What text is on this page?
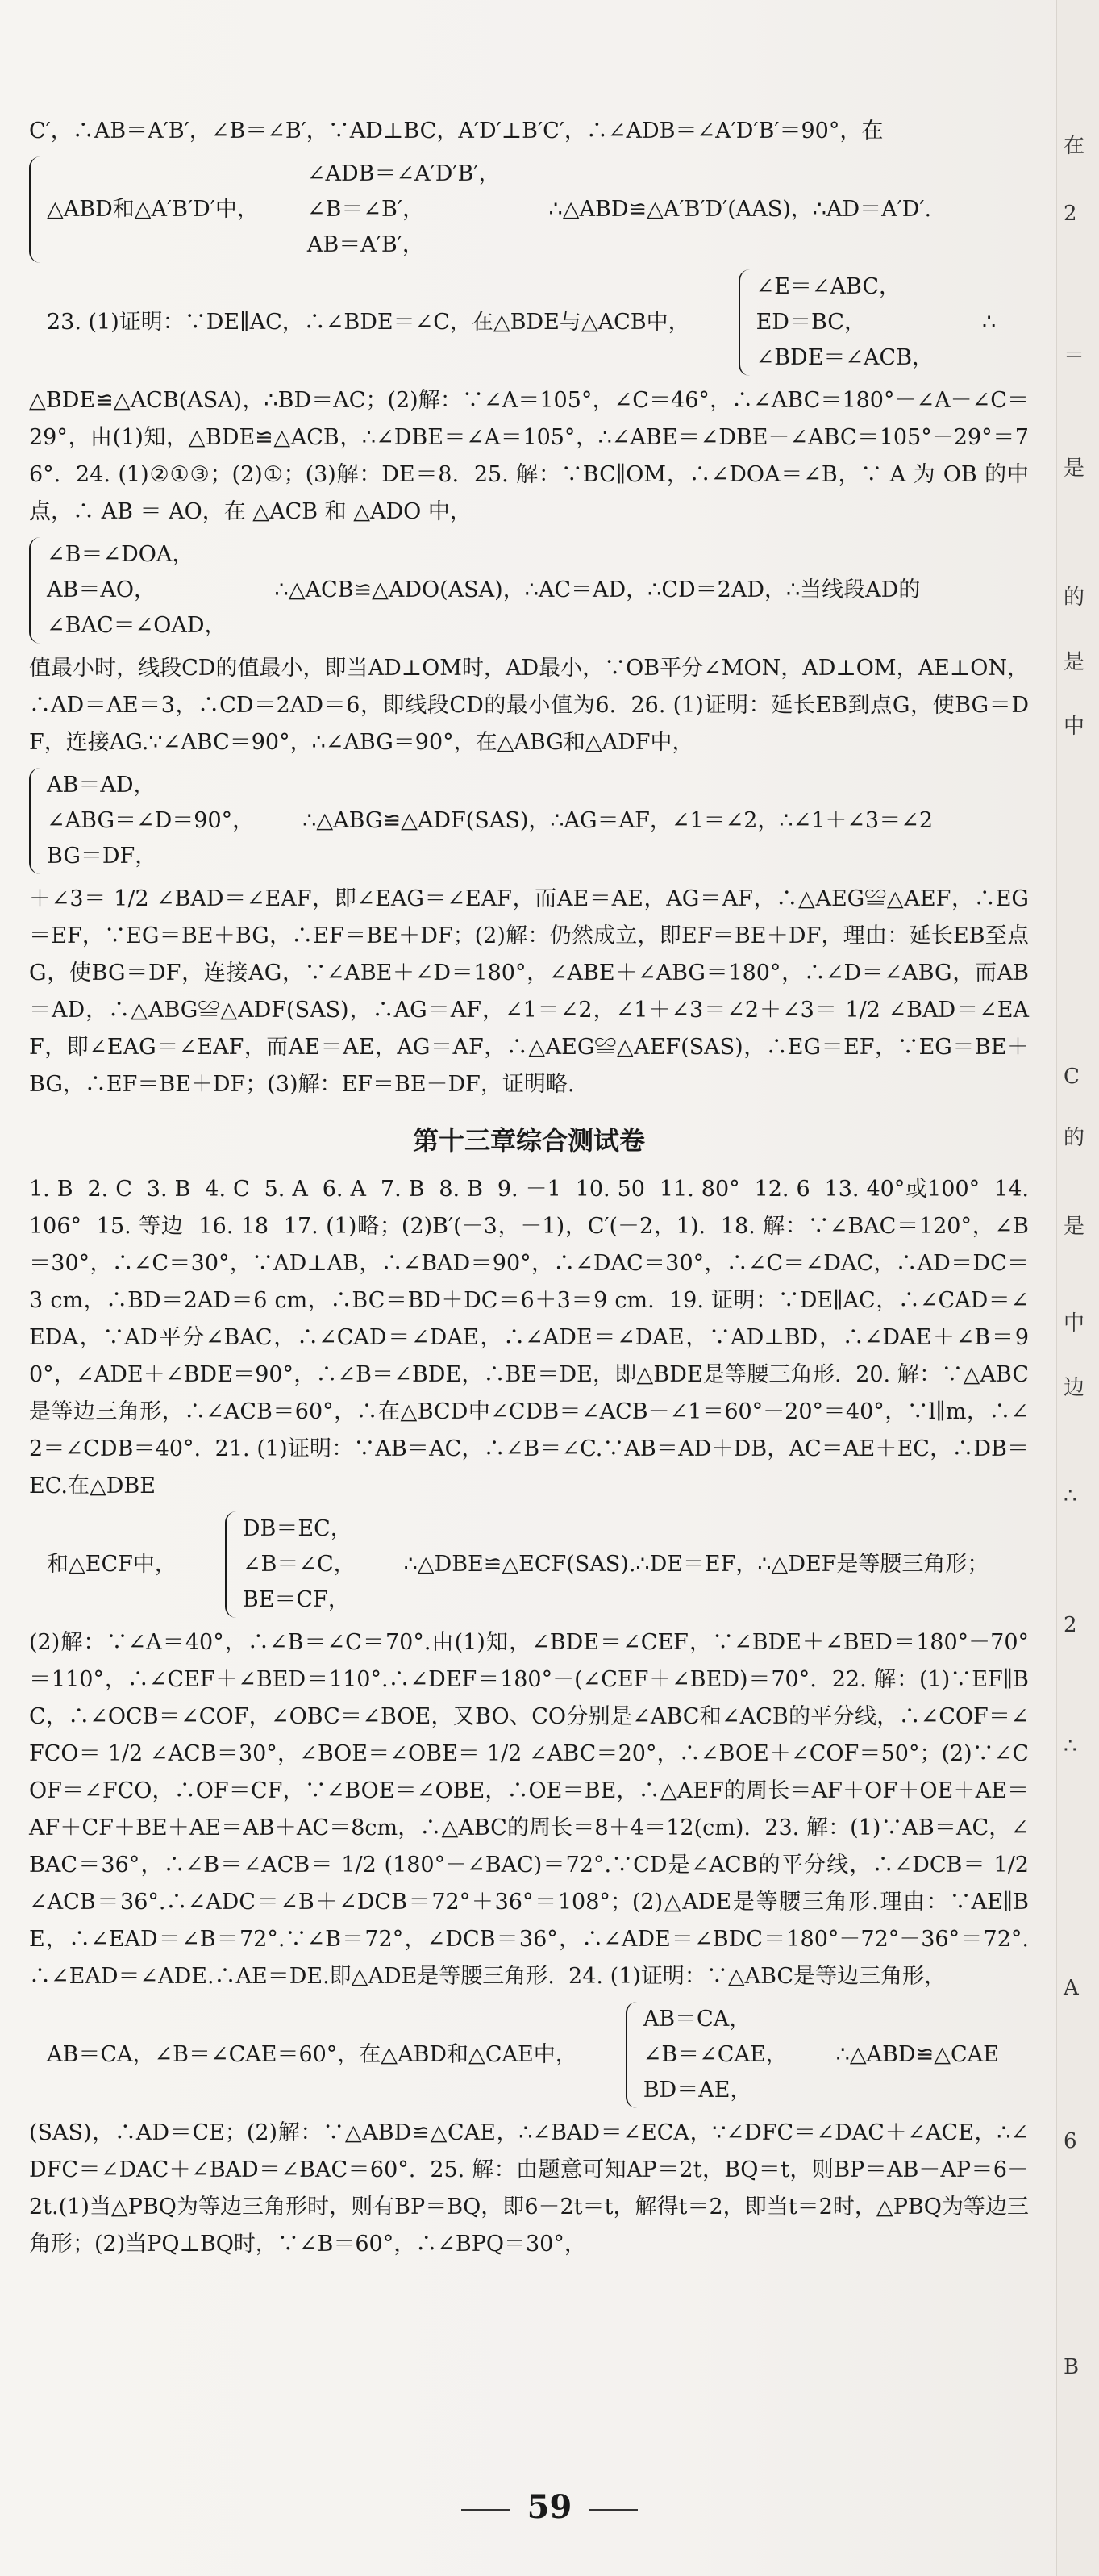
C′，∴AB＝A′B′，∠B＝∠B′，∵AD⊥BC，A′D′⊥B′C′，∴∠ADB＝∠A′D′B′＝90°，在

△ABD和△A′B′D′中，
∠ADB＝∠A′D′B′，
∠B＝∠B′，
AB＝A′B′，
∴△ABD≌△A′B′D′(AAS)，∴AD＝A′D′.
23. (1)证明：∵DE∥AC，∴∠BDE＝∠C，在△BDE与△ACB中，
∠E＝∠ABC，
ED＝BC，
∠BDE＝∠ACB，
∴

△BDE≌△ACB(ASA)，∴BD＝AC；(2)解：∵∠A＝105°，∠C＝46°，∴∠ABC＝180°－∠A－∠C＝29°，由(1)知，△BDE≌△ACB，∴∠DBE＝∠A＝105°，∴∠ABE＝∠DBE－∠ABC＝105°－29°＝76°.  24. (1)②①③；(2)①；(3)解：DE＝8.  25. 解：∵BC∥OM，∴∠DOA＝∠B，∵ A 为 OB 的中点，∴ AB ＝ AO，在 △ACB 和 △ADO 中，

∠B＝∠DOA，
AB＝AO，
∠BAC＝∠OAD，
∴△ACB≌△ADO(ASA)，∴AC＝AD，∴CD＝2AD，∴当线段AD的

值最小时，线段CD的值最小，即当AD⊥OM时，AD最小，∵OB平分∠MON，AD⊥OM，AE⊥ON，∴AD＝AE＝3，∴CD＝2AD＝6，即线段CD的最小值为6.  26. (1)证明：延长EB到点G，使BG＝DF，连接AG.∵∠ABC＝90°，∴∠ABG＝90°，在△ABG和△ADF中，

AB＝AD，
∠ABG＝∠D＝90°，
BG＝DF，
∴△ABG≌△ADF(SAS)，∴AG＝AF，∠1＝∠2，∴∠1＋∠3＝∠2

＋∠3＝ 1/2 ∠BAD＝∠EAF，即∠EAG＝∠EAF，而AE＝AE，AG＝AF，∴△AEG≌△AEF，∴EG＝EF，∵EG＝BE＋BG，∴EF＝BE＋DF；(2)解：仍然成立，即EF＝BE＋DF，理由：延长EB至点G，使BG＝DF，连接AG，∵∠ABE＋∠D＝180°，∠ABE＋∠ABG＝180°，∴∠D＝∠ABG，而AB＝AD，∴△ABG≌△ADF(SAS)，∴AG＝AF，∠1＝∠2，∠1＋∠3＝∠2＋∠3＝ 1/2 ∠BAD＝∠EAF，即∠EAG＝∠EAF，而AE＝AE，AG＝AF，∴△AEG≌△AEF(SAS)，∴EG＝EF，∵EG＝BE＋BG，∴EF＝BE＋DF；(3)解：EF＝BE－DF，证明略.

第十三章综合测试卷

1. B  2. C  3. B  4. C  5. A  6. A  7. B  8. B  9. －1  10. 50  11. 80°  12. 6  13. 40°或100°  14. 106°  15. 等边  16. 18  17. (1)略；(2)B′(－3，－1)，C′(－2，1).  18. 解：∵∠BAC＝120°，∠B＝30°，∴∠C＝30°，∵AD⊥AB，∴∠BAD＝90°，∴∠DAC＝30°，∴∠C＝∠DAC，∴AD＝DC＝3 cm，∴BD＝2AD＝6 cm，∴BC＝BD＋DC＝6＋3＝9 cm.  19. 证明：∵DE∥AC，∴∠CAD＝∠EDA，∵AD平分∠BAC，∴∠CAD＝∠DAE，∴∠ADE＝∠DAE，∵AD⊥BD，∴∠DAE＋∠B＝90°，∠ADE＋∠BDE＝90°，∴∠B＝∠BDE，∴BE＝DE，即△BDE是等腰三角形.  20. 解：∵△ABC是等边三角形，∴∠ACB＝60°，∴在△BCD中∠CDB＝∠ACB－∠1＝60°－20°＝40°，∵l∥m，∴∠2＝∠CDB＝40°.  21. (1)证明：∵AB＝AC，∴∠B＝∠C.∵AB＝AD＋DB，AC＝AE＋EC，∴DB＝EC.在△DBE

和△ECF中，
DB＝EC，
∠B＝∠C，
BE＝CF，
∴△DBE≌△ECF(SAS).∴DE＝EF，∴△DEF是等腰三角形；

(2)解：∵∠A＝40°，∴∠B＝∠C＝70°.由(1)知，∠BDE＝∠CEF，∵∠BDE＋∠BED＝180°－70°＝110°，∴∠CEF＋∠BED＝110°.∴∠DEF＝180°－(∠CEF＋∠BED)＝70°.  22. 解：(1)∵EF∥BC，∴∠OCB＝∠COF，∠OBC＝∠BOE，又BO、CO分别是∠ABC和∠ACB的平分线，∴∠COF＝∠FCO＝ 1/2 ∠ACB＝30°，∠BOE＝∠OBE＝ 1/2 ∠ABC＝20°，∴∠BOE＋∠COF＝50°；(2)∵∠COF＝∠FCO，∴OF＝CF，∵∠BOE＝∠OBE，∴OE＝BE，∴△AEF的周长＝AF＋OF＋OE＋AE＝AF＋CF＋BE＋AE＝AB＋AC＝8cm，∴△ABC的周长＝8＋4＝12(cm).  23. 解：(1)∵AB＝AC，∠BAC＝36°，∴∠B＝∠ACB＝ 1/2 (180°－∠BAC)＝72°.∵CD是∠ACB的平分线，∴∠DCB＝ 1/2 ∠ACB＝36°.∴∠ADC＝∠B＋∠DCB＝72°＋36°＝108°；(2)△ADE是等腰三角形.理由：∵AE∥BE，∴∠EAD＝∠B＝72°.∵∠B＝72°，∠DCB＝36°，∴∠ADE＝∠BDC＝180°－72°－36°＝72°.∴∠EAD＝∠ADE.∴AE＝DE.即△ADE是等腰三角形.  24. (1)证明：∵△ABC是等边三角形，

AB＝CA，∠B＝∠CAE＝60°，在△ABD和△CAE中，
AB＝CA，
∠B＝∠CAE，
BD＝AE，
∴△ABD≌△CAE

(SAS)，∴AD＝CE；(2)解：∵△ABD≌△CAE，∴∠BAD＝∠ECA，∵∠DFC＝∠DAC＋∠ACE，∴∠DFC＝∠DAC＋∠BAD＝∠BAC＝60°.  25. 解：由题意可知AP＝2t，BQ＝t，则BP＝AB－AP＝6－2t.(1)当△PBQ为等边三角形时，则有BP＝BQ，即6－2t＝t，解得t＝2，即当t＝2时，△PBQ为等边三角形；(2)当PQ⊥BQ时，∵∠B＝60°，∴∠BPQ＝30°，

59
在
2
＝
是
的
是
中
C
的
是
中
边
∴
2
∴
A
6
B
